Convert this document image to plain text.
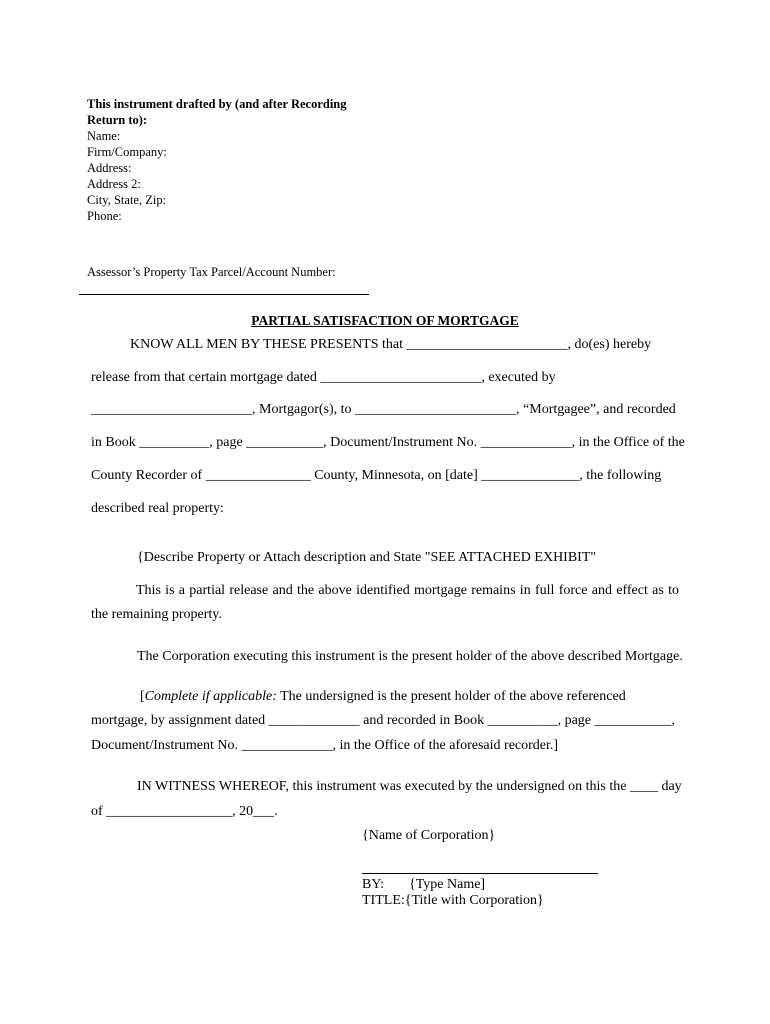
This instrument drafted by (and after Recording
Return to):
Name:
Firm/Company:
Address:
Address 2:
City, State, Zip:
Phone:
Assessor’s Property Tax Parcel/Account Number:
PARTIAL SATISFACTION OF MORTGAGE
KNOW ALL MEN BY THESE PRESENTS that _______________________, do(es) hereby
release from that certain mortgage dated _______________________, executed by
_______________________, Mortgagor(s), to _______________________, “Mortgagee”, and recorded
in Book __________, page ___________, Document/Instrument No. _____________, in the Office of the
County Recorder of _______________ County, Minnesota, on [date] ______________, the following
described real property:
{Describe Property or Attach description and State "SEE ATTACHED EXHIBIT"
This is a partial release and the above identified mortgage remains in full force and effect as to the remaining property.
The Corporation executing this instrument is the present holder of the above described Mortgage.
[Complete if applicable: The undersigned is the present holder of the above referenced
mortgage, by assignment dated _____________ and recorded in Book __________, page ___________,
Document/Instrument No. _____________, in the Office of the aforesaid recorder.]
IN WITNESS WHEREOF, this instrument was executed by the undersigned on this the ____ day
of __________________, 20___.
{Name of Corporation}
BY: {Type Name]
TITLE:{Title with Corporation}
